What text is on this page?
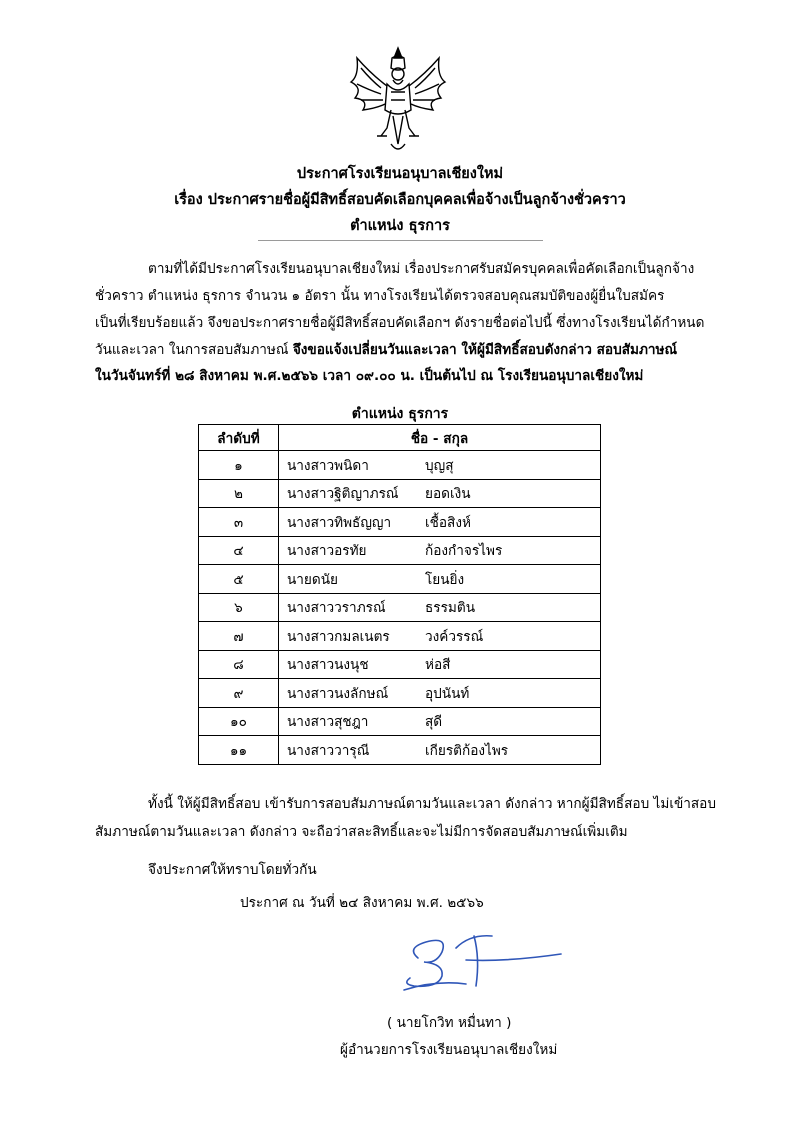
ประกาศโรงเรียนอนุบาลเชียงใหม่
เรื่อง ประกาศรายชื่อผู้มีสิทธิ์สอบคัดเลือกบุคคลเพื่อจ้างเป็นลูกจ้างชั่วคราว
ตำแหน่ง ธุรการ
ตามที่ได้มีประกาศโรงเรียนอนุบาลเชียงใหม่ เรื่องประกาศรับสมัครบุคคลเพื่อคัดเลือกเป็นลูกจ้าง
ชั่วคราว ตำแหน่ง ธุรการ จำนวน ๑ อัตรา นั้น ทางโรงเรียนได้ตรวจสอบคุณสมบัติของผู้ยื่นใบสมัคร
เป็นที่เรียบร้อยแล้ว จึงขอประกาศรายชื่อผู้มีสิทธิ์สอบคัดเลือกฯ ดังรายชื่อต่อไปนี้ ซึ่งทางโรงเรียนได้กำหนด
วันและเวลา ในการสอบสัมภาษณ์ จึงขอแจ้งเปลี่ยนวันและเวลา ให้ผู้มีสิทธิ์สอบดังกล่าว สอบสัมภาษณ์
ในวันจันทร์ที่ ๒๘ สิงหาคม พ.ศ.๒๕๖๖ เวลา ๐๙.๐๐ น. เป็นต้นไป ณ โรงเรียนอนุบาลเชียงใหม่
ตำแหน่ง ธุรการ
ลำดับที่	ชื่อ - สกุล
๑	นางสาวพนิดา บุญสุ
๒	นางสาวฐิติญาภรณ์ ยอดเงิน
๓	นางสาวทิพธัญญา เชื้อสิงห์
๔	นางสาวอรทัย ก้องกำจรไพร
๕	นายดนัย โยนยิ่ง
๖	นางสาววราภรณ์ ธรรมติน
๗	นางสาวกมลเนตร วงค์วรรณ์
๘	นางสาวนงนุช ห่อสี
๙	นางสาวนงลักษณ์ อุปนันท์
๑๐	นางสาวสุชฎา สุดี
๑๑	นางสาววารุณี เกียรติก้องไพร
ทั้งนี้ ให้ผู้มีสิทธิ์สอบ เข้ารับการสอบสัมภาษณ์ตามวันและเวลา ดังกล่าว หากผู้มีสิทธิ์สอบ ไม่เข้าสอบ
สัมภาษณ์ตามวันและเวลา ดังกล่าว จะถือว่าสละสิทธิ์และจะไม่มีการจัดสอบสัมภาษณ์เพิ่มเติม
จึงประกาศให้ทราบโดยทั่วกัน
ประกาศ ณ วันที่ ๒๔ สิงหาคม พ.ศ. ๒๕๖๖
( นายโกวิท หมื่นทา )
ผู้อำนวยการโรงเรียนอนุบาลเชียงใหม่
